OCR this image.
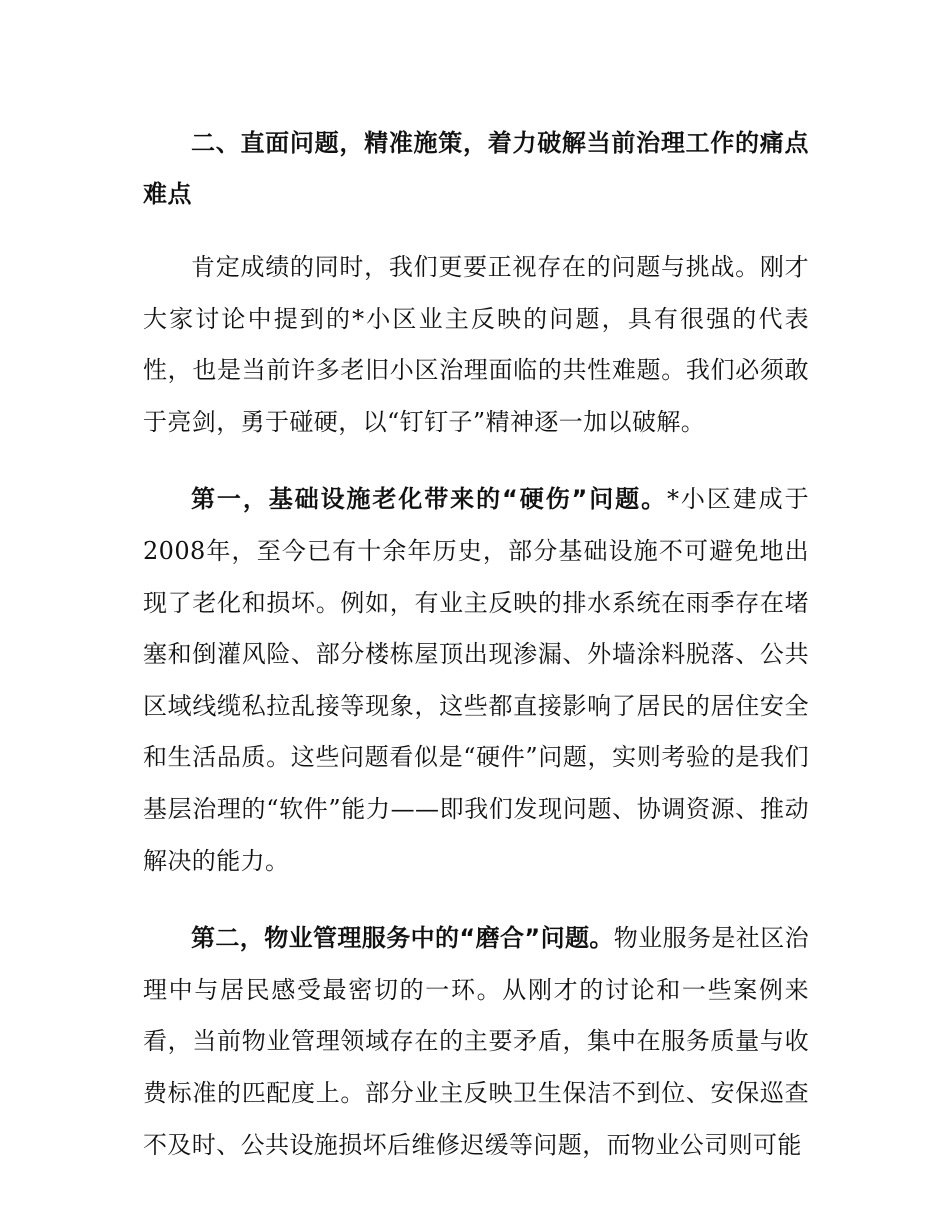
二、直面问题，精准施策，着力破解当前治理工作的痛点难点

肯定成绩的同时，我们更要正视存在的问题与挑战。刚才大家讨论中提到的*小区业主反映的问题，具有很强的代表性，也是当前许多老旧小区治理面临的共性难题。我们必须敢于亮剑，勇于碰硬，以“钉钉子”精神逐一加以破解。

第一，基础设施老化带来的“硬伤”问题。*小区建成于2008年，至今已有十余年历史，部分基础设施不可避免地出现了老化和损坏。例如，有业主反映的排水系统在雨季存在堵塞和倒灌风险、部分楼栋屋顶出现渗漏、外墙涂料脱落、公共区域线缆私拉乱接等现象，这些都直接影响了居民的居住安全和生活品质。这些问题看似是“硬件”问题，实则考验的是我们基层治理的“软件”能力——即我们发现问题、协调资源、推动解决的能力。

第二，物业管理服务中的“磨合”问题。物业服务是社区治理中与居民感受最密切的一环。从刚才的讨论和一些案例来看，当前物业管理领域存在的主要矛盾，集中在服务质量与收费标准的匹配度上。部分业主反映卫生保洁不到位、安保巡查不及时、公共设施损坏后维修迟缓等问题，而物业公司则可能
